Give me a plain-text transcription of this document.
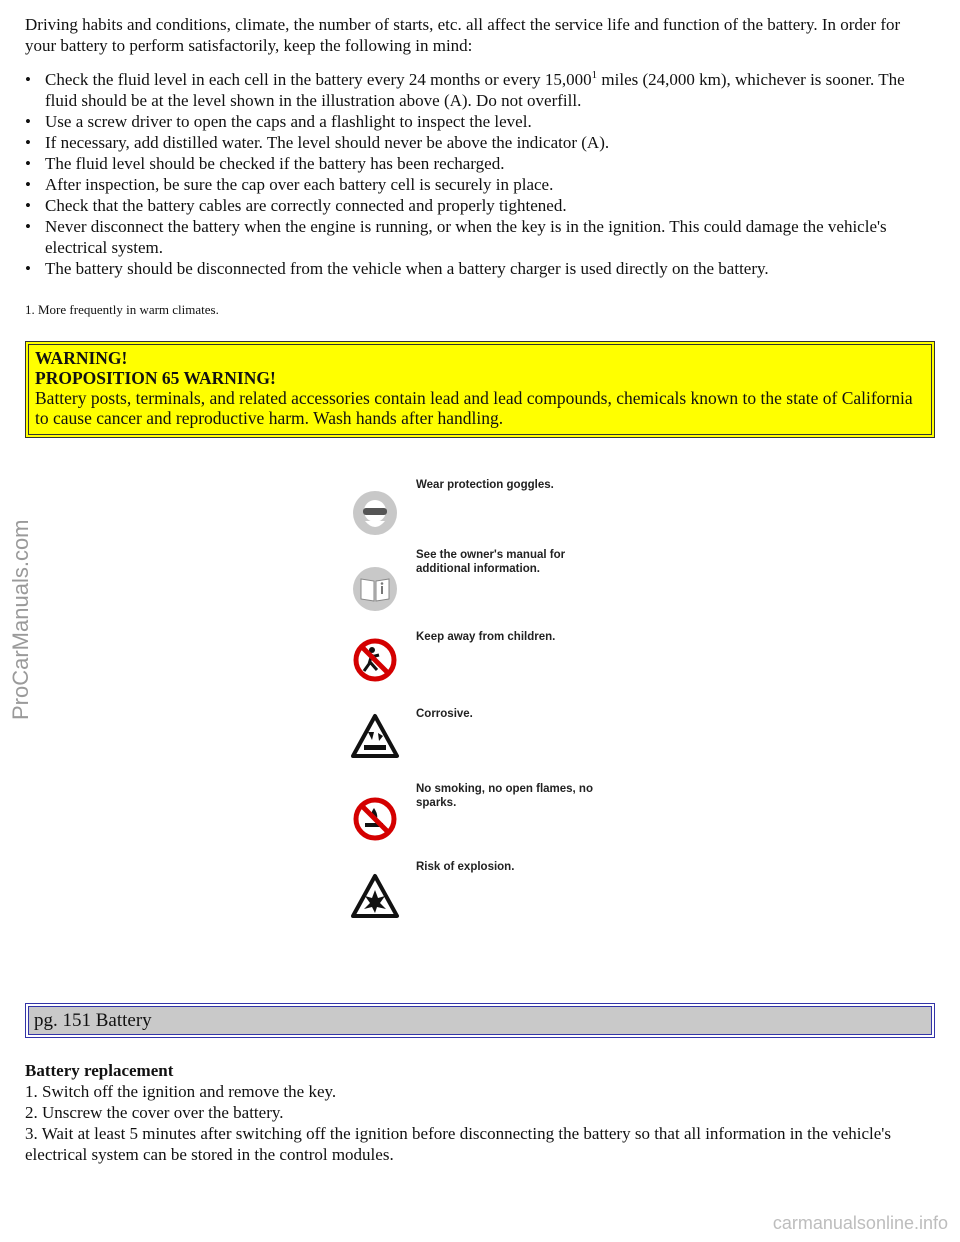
ProCarManuals.com

Driving habits and conditions, climate, the number of starts, etc. all affect the service life and function of the battery. In order for your battery to perform satisfactorily, keep the following in mind:

• Check the fluid level in each cell in the battery every 24 months or every 15,000$^1$ miles (24,000 km), whichever is sooner. The fluid should be at the level shown in the illustration above (A). Do not overfill.
• Use a screw driver to open the caps and a flashlight to inspect the level.
• If necessary, add distilled water. The level should never be above the indicator (A).
• The fluid level should be checked if the battery has been recharged.
• After inspection, be sure the cap over each battery cell is securely in place.
• Check that the battery cables are correctly connected and properly tightened.
• Never disconnect the battery when the engine is running, or when the key is in the ignition. This could damage the vehicle's electrical system.
• The battery should be disconnected from the vehicle when a battery charger is used directly on the battery.

1. More frequently in warm climates.

WARNING!
PROPOSITION 65 WARNING!
Battery posts, terminals, and related accessories contain lead and lead compounds, chemicals known to the state of California to cause cancer and reproductive harm. Wash hands after handling.
Wear protection goggles.
See the owner's manual for additional information.
Keep away from children.
Corrosive.
No smoking, no open flames, no sparks.
Risk of explosion.
pg. 151 Battery
Battery replacement
1. Switch off the ignition and remove the key.
2. Unscrew the cover over the battery.
3. Wait at least 5 minutes after switching off the ignition before disconnecting the battery so that all information in the vehicle's electrical system can be stored in the control modules.
carmanualsonline.info
